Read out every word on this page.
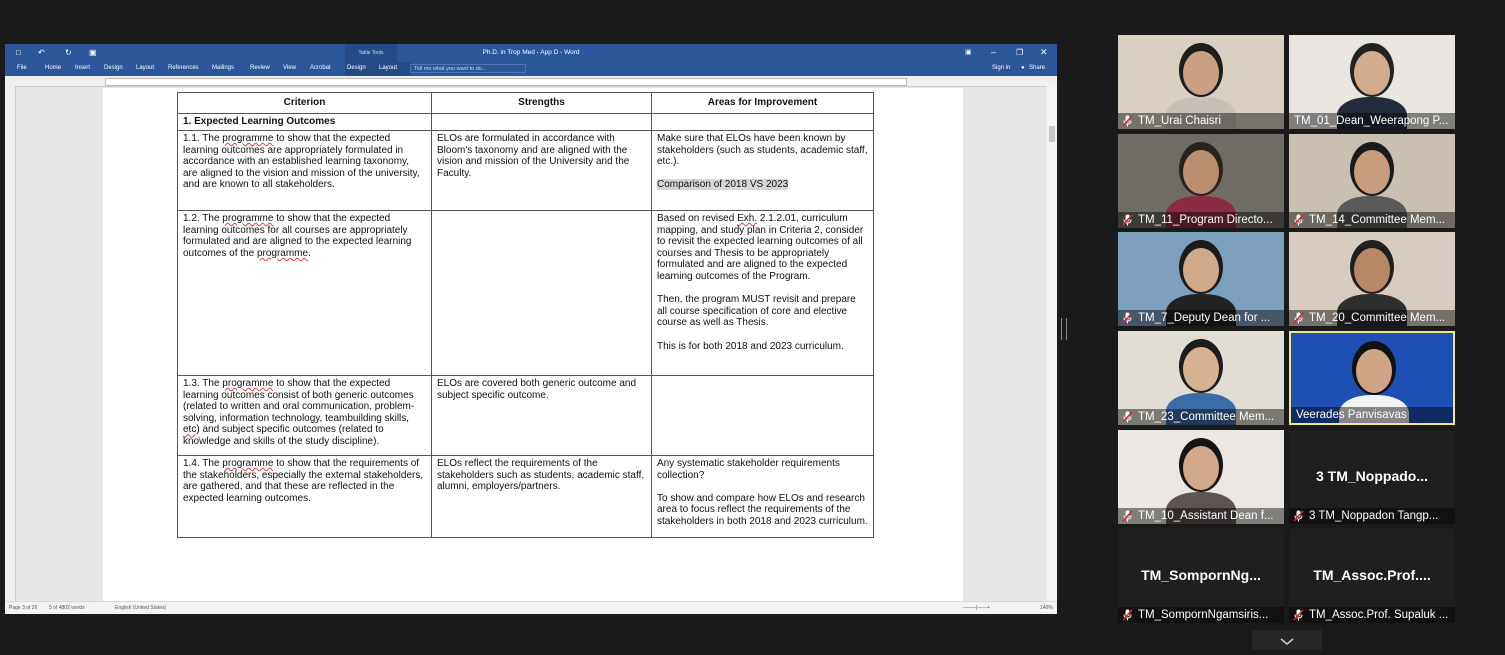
□ ↶	↻ ▣	Table Tools	Ph.D. in Trop Med - App D - Word	▣ – ❐ ✕
File	Home Insert Design Layout References Mailings	Review View Acrobat	Design Layout	Tell me what you want to do...	Sign in ● Share
Criterion	Strengths	Areas for Improvement
1. Expected Learning Outcomes		
1.1. The programme to show that the expected learning outcomes are appropriately formulated in accordance with an established learning taxonomy, are aligned to the vision and mission of the university, and are known to all stakeholders.	ELOs are formulated in accordance with Bloom's taxonomy and are aligned with the vision and mission of the University and the Faculty.	Make sure that ELOs have been known by stakeholders (such as students, academic staff, etc.).

Comparison of 2018 VS 2023

1.2. The programme to show that the expected learning outcomes for all courses are appropriately formulated and are aligned to the expected learning outcomes of the programme.		Based on revised Exh. 2.1.2.01, curriculum mapping, and study plan in Criteria 2, consider to revisit the expected learning outcomes of all courses and Thesis to be appropriately formulated and are aligned to the expected learning outcomes of the Program.

Then, the program MUST revisit and prepare all course specification of core and elective course as well as Thesis.

This is for both 2018 and 2023 curriculum.

1.3. The programme to show that the expected learning outcomes consist of both generic outcomes (related to written and oral communication, problem-solving, information technology, teambuilding skills, etc) and subject specific outcomes (related to knowledge and skills of the study discipline).	ELOs are covered both generic outcome and subject specific outcome.	
1.4. The programme to show that the requirements of the stakeholders, especially the external stakeholders, are gathered, and that these are reflected in the expected learning outcomes.	ELOs reflect the requirements of the stakeholders such as students, academic staff, alumni, employers/partners.	Any systematic stakeholder requirements collection?

To show and compare how ELOs and research area to focus reflect the requirements of the stakeholders in both 2018 and 2023 curriculum.

Page 3 of 26 5 of 4802 words	English (United States)	–——|——+	140%
TM_Urai Chaisri	TM_01_Dean_Weerapong P...
TM_11_Program Directo...	TM_14_Committee Mem...
TM_7_Deputy Dean for ...	TM_20_Committee Mem...
TM_23_Committee Mem...	Veerades Panvisavas
TM_10_Assistant Dean f...
3 TM_Noppado...
3 TM_Noppadon Tangp...
TM_SompornNg...
TM_SompornNgamsiris...
TM_Assoc.Prof....
TM_Assoc.Prof. Supaluk ...
